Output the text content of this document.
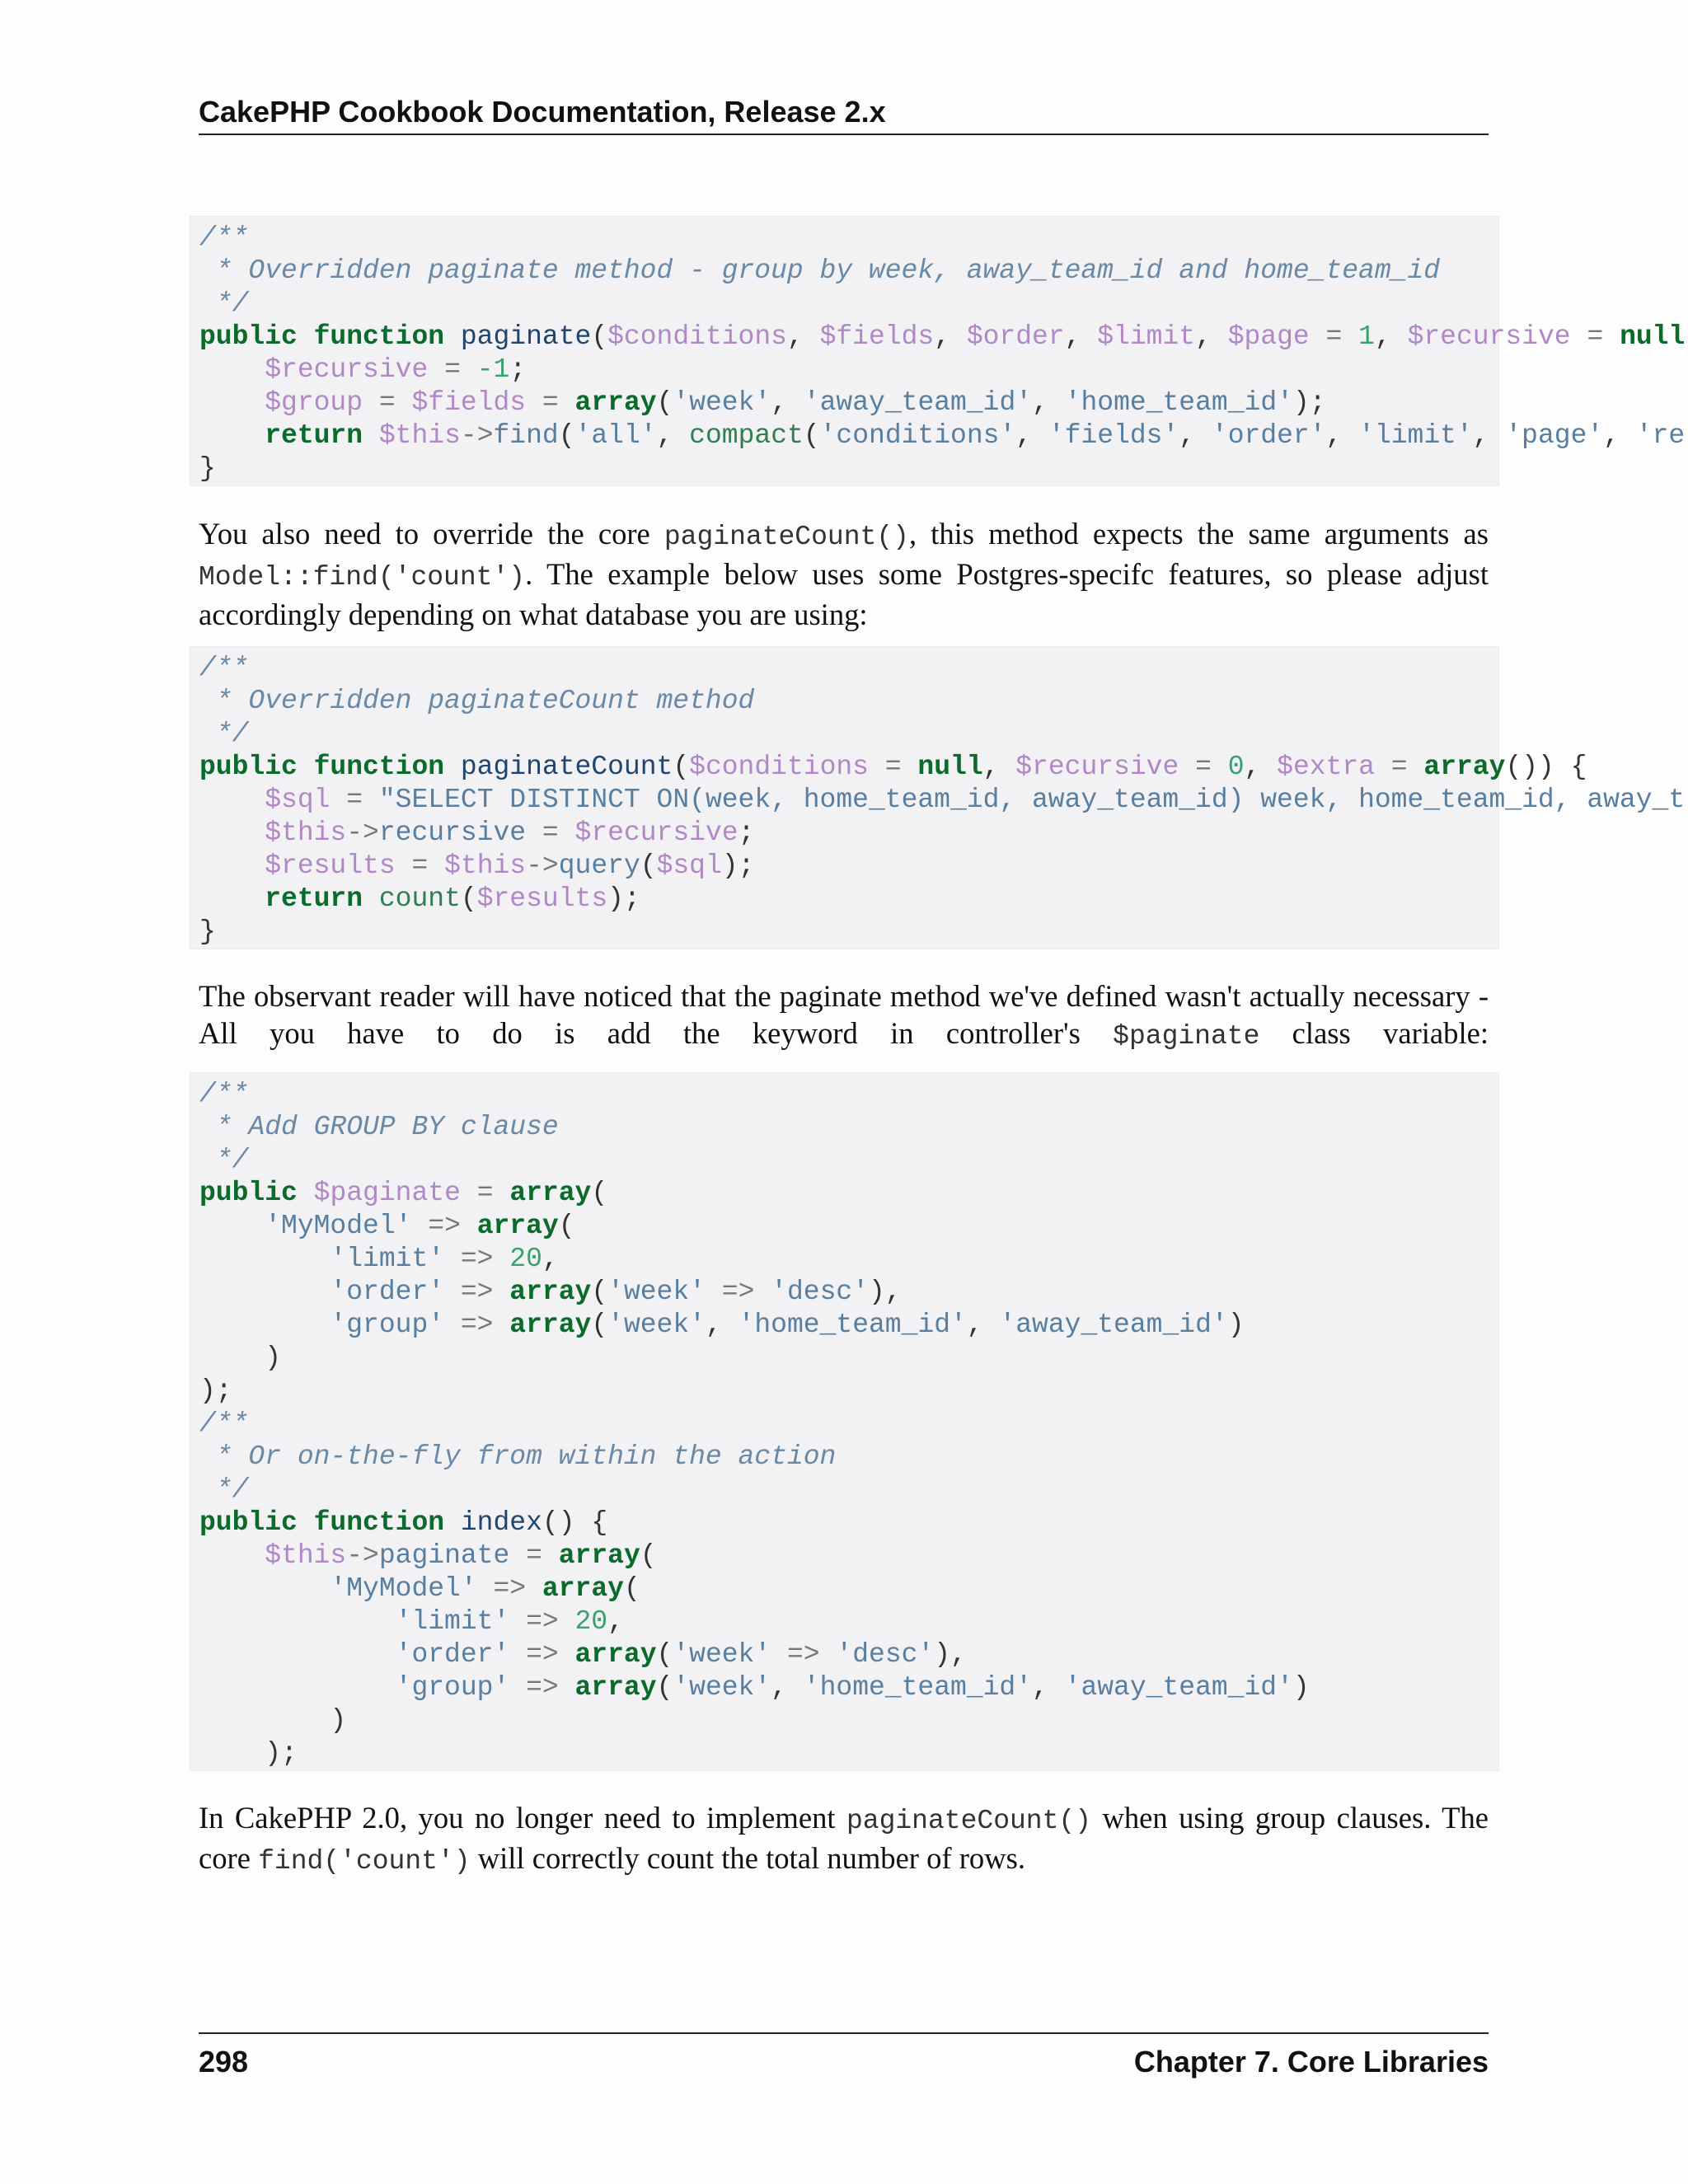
CakePHP Cookbook Documentation, Release 2.x
/**
* Overridden paginate method - group by week, away_team_id and home_team_id
*/
public function paginate($conditions, $fields, $order, $limit, $page = 1, $recursive = null
$recursive = -1;
$group = $fields = array('week', 'away_team_id', 'home_team_id');
return $this->find('all', compact('conditions', 'fields', 'order', 'limit', 'page', 're
}
You also need to override the core paginateCount(), this method expects the same arguments as Model::find('count'). The example below uses some Postgres-specifc features, so please adjust accordingly depending on what database you are using:
/**
* Overridden paginateCount method
*/
public function paginateCount($conditions = null, $recursive = 0, $extra = array()) {
$sql = "SELECT DISTINCT ON(week, home_team_id, away_team_id) week, home_team_id, away_t
$this->recursive = $recursive;
$results = $this->query($sql);
return count($results);
}
The observant reader will have noticed that the paginate method we've defined wasn't actually necessary - All you have to do is add the keyword in controller's $paginate class variable:
/**
* Add GROUP BY clause
*/
public $paginate = array(
'MyModel' => array(
'limit' => 20,
'order' => array('week' => 'desc'),
'group' => array('week', 'home_team_id', 'away_team_id')
)
);
/**
* Or on-the-fly from within the action
*/
public function index() {
$this->paginate = array(
'MyModel' => array(
'limit' => 20,
'order' => array('week' => 'desc'),
'group' => array('week', 'home_team_id', 'away_team_id')
)
);
In CakePHP 2.0, you no longer need to implement paginateCount() when using group clauses. The core find('count') will correctly count the total number of rows.
298	Chapter 7. Core Libraries
